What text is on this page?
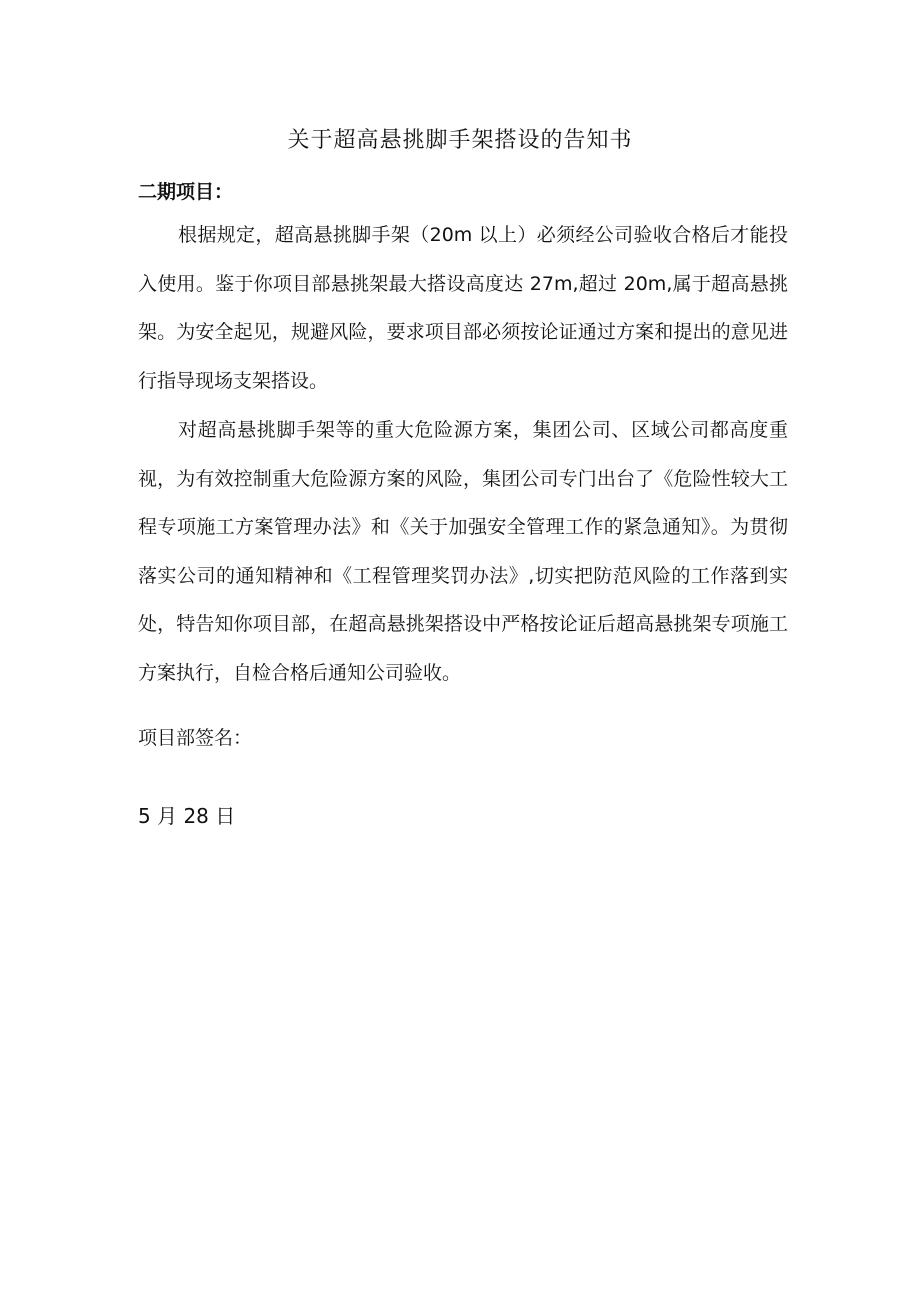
关于超高悬挑脚手架搭设的告知书

二期项目：

根据规定，超高悬挑脚手架（20m 以上）必须经公司验收合格后才能投入使用。鉴于你项目部悬挑架最大搭设高度达 27m,超过 20m,属于超高悬挑架。为安全起见，规避风险，要求项目部必须按论证通过方案和提出的意见进行指导现场支架搭设。

对超高悬挑脚手架等的重大危险源方案，集团公司、区域公司都高度重视，为有效控制重大危险源方案的风险，集团公司专门出台了《危险性较大工程专项施工方案管理办法》和《关于加强安全管理工作的紧急通知》。为贯彻落实公司的通知精神和《工程管理奖罚办法》,切实把防范风险的工作落到实处，特告知你项目部，在超高悬挑架搭设中严格按论证后超高悬挑架专项施工方案执行，自检合格后通知公司验收。

项目部签名：

5 月 28 日
